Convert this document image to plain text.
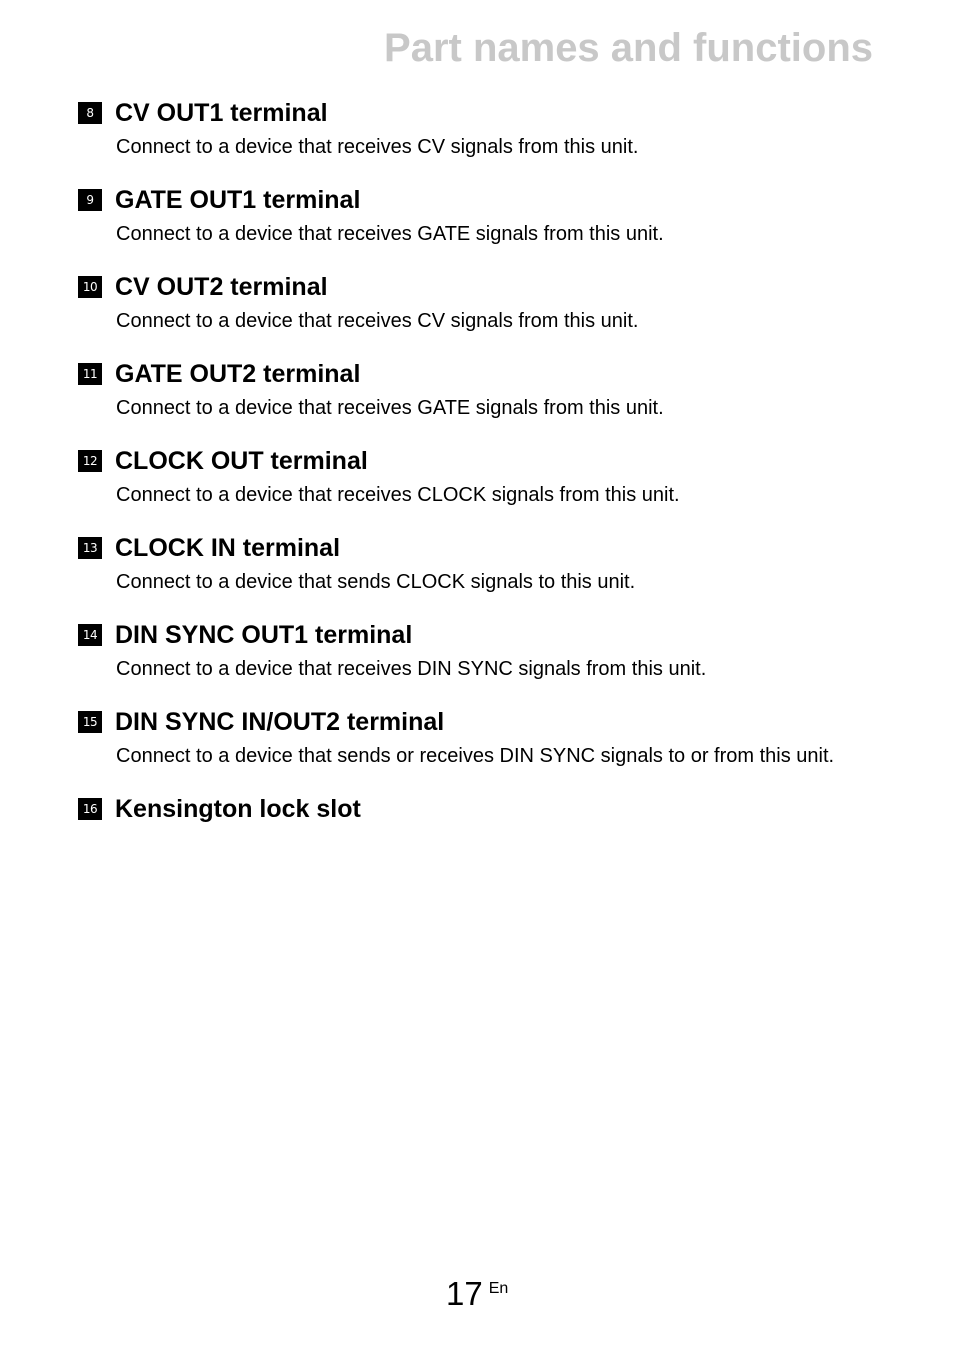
Part names and functions
8 CV OUT1 terminal
Connect to a device that receives CV signals from this unit.
9 GATE OUT1 terminal
Connect to a device that receives GATE signals from this unit.
10 CV OUT2 terminal
Connect to a device that receives CV signals from this unit.
11 GATE OUT2 terminal
Connect to a device that receives GATE signals from this unit.
12 CLOCK OUT terminal
Connect to a device that receives CLOCK signals from this unit.
13 CLOCK IN terminal
Connect to a device that sends CLOCK signals to this unit.
14 DIN SYNC OUT1 terminal
Connect to a device that receives DIN SYNC signals from this unit.
15 DIN SYNC IN/OUT2 terminal
Connect to a device that sends or receives DIN SYNC signals to or from this unit.
16 Kensington lock slot
17 En
